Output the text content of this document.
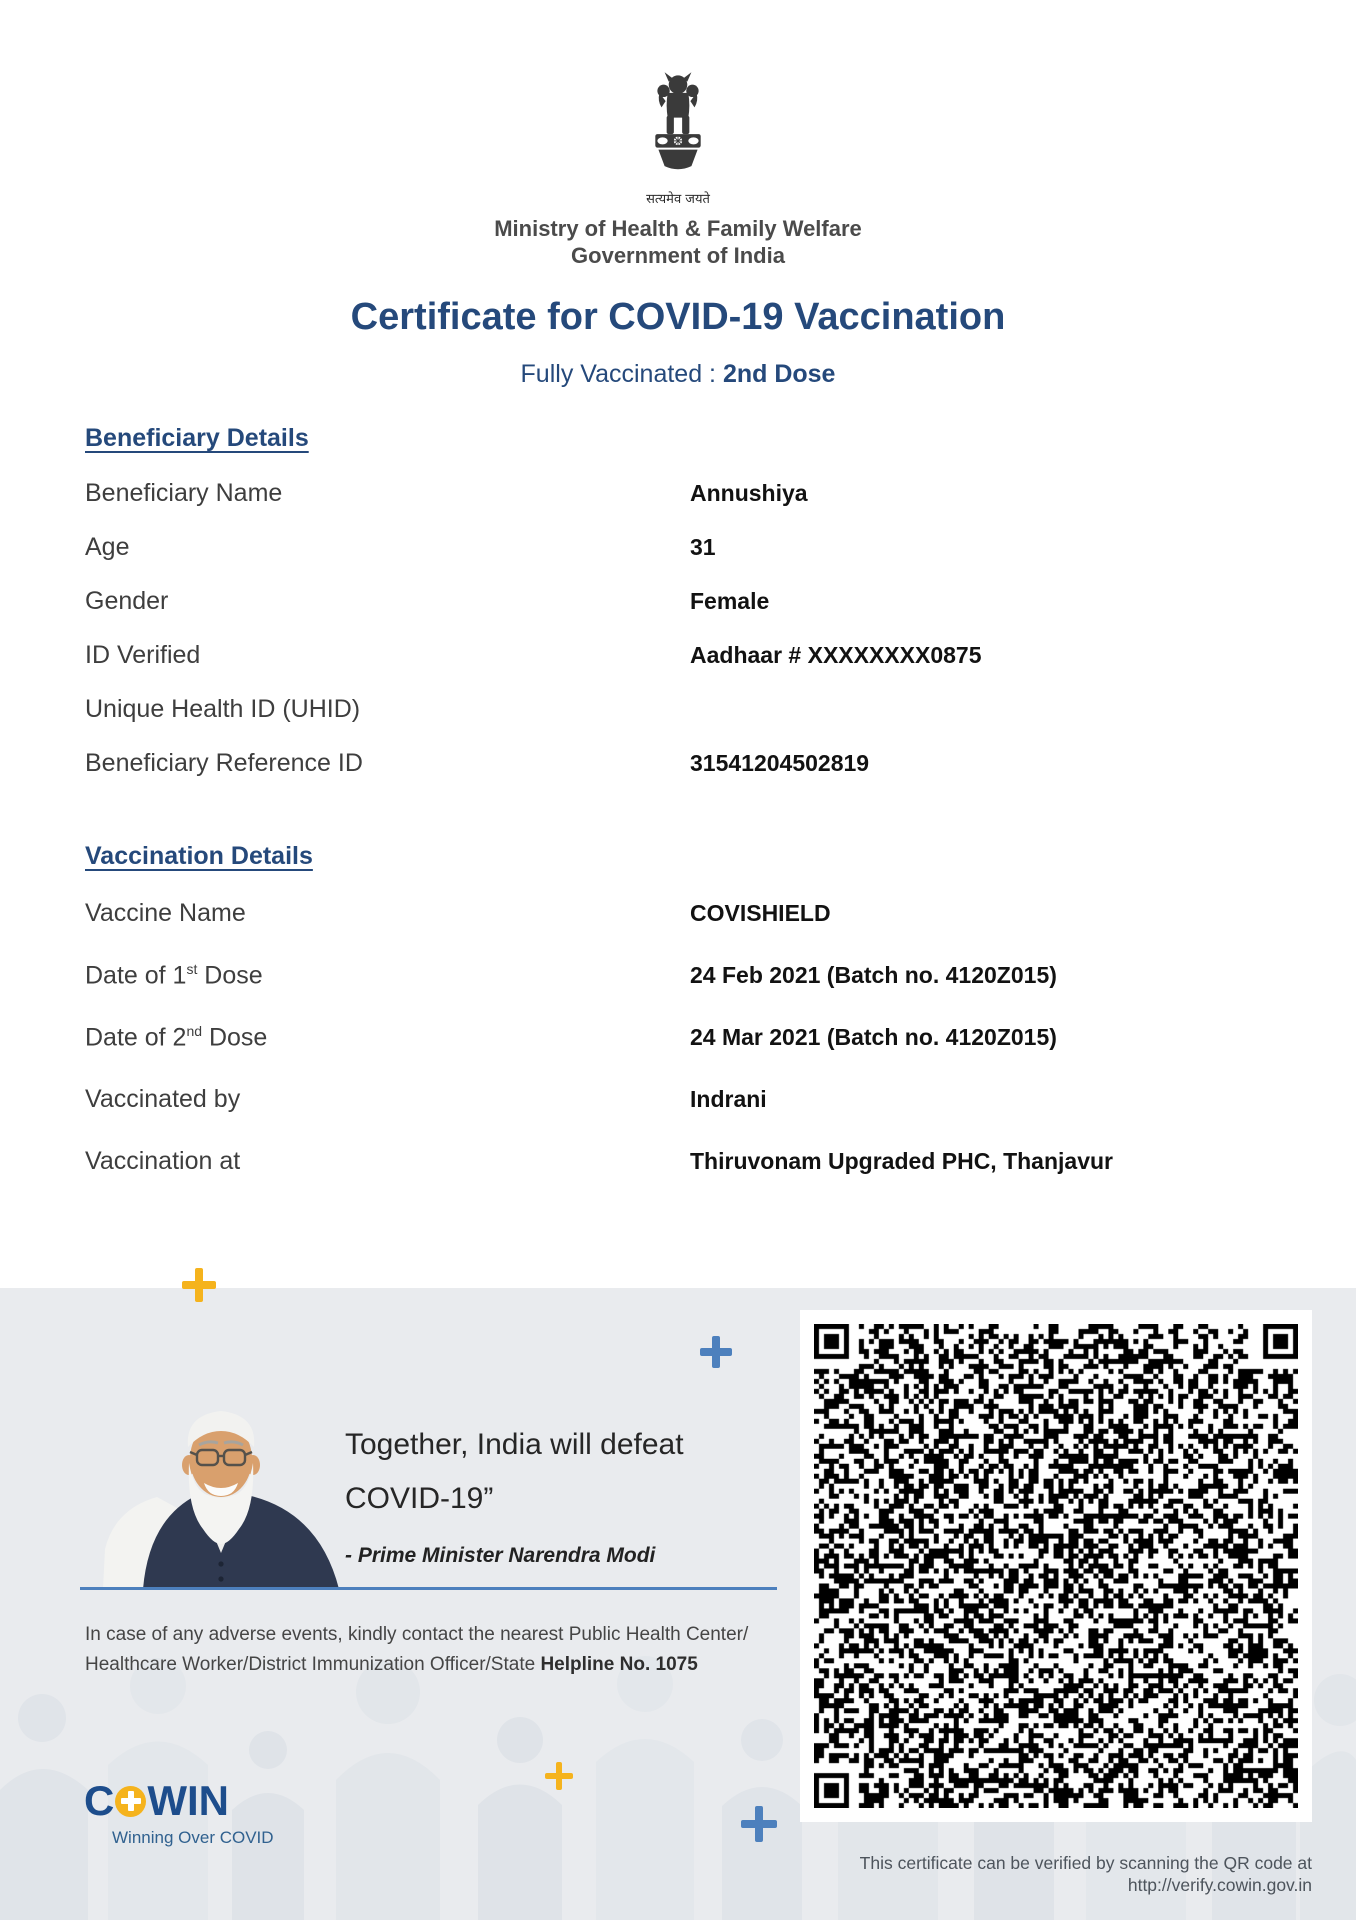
सत्यमेव जयते
Ministry of Health & Family Welfare
Government of India
Certificate for COVID-19 Vaccination
Fully Vaccinated : 2nd Dose
Beneficiary Details
Beneficiary Name	Annushiya
Age	31
Gender	Female
ID Verified	Aadhaar # XXXXXXXX0875
Unique Health ID (UHID)
Beneficiary Reference ID	31541204502819
Vaccination Details
Vaccine Name	COVISHIELD
Date of 1st Dose	24 Feb 2021 (Batch no. 4120Z015)
Date of 2nd Dose	24 Mar 2021 (Batch no. 4120Z015)
Vaccinated by	Indrani
Vaccination at	Thiruvonam Upgraded PHC, Thanjavur
Together, India will defeat
COVID-19”
- Prime Minister Narendra Modi
In case of any adverse events, kindly contact the nearest Public Health Center/
Healthcare Worker/District Immunization Officer/State Helpline No. 1075
C WIN
Winning Over COVID
This certificate can be verified by scanning the QR code at
http://verify.cowin.gov.in
